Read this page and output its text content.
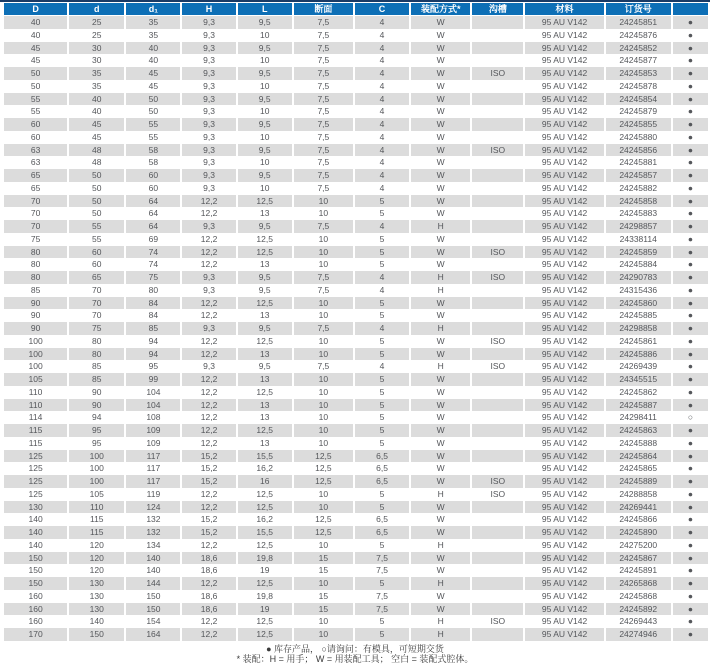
D	d	d₁	H	L	断面	C	装配方式*	沟槽	材料	订货号	
40	25	35	9,3	9,5	7,5	4	W		95 AU V142	24245851	●
40	25	35	9,3	10	7,5	4	W		95 AU V142	24245876	●
45	30	40	9,3	9,5	7,5	4	W		95 AU V142	24245852	●
45	30	40	9,3	10	7,5	4	W		95 AU V142	24245877	●
50	35	45	9,3	9,5	7,5	4	W	ISO	95 AU V142	24245853	●
50	35	45	9,3	10	7,5	4	W		95 AU V142	24245878	●
55	40	50	9,3	9,5	7,5	4	W		95 AU V142	24245854	●
55	40	50	9,3	10	7,5	4	W		95 AU V142	24245879	●
60	45	55	9,3	9,5	7,5	4	W		95 AU V142	24245855	●
60	45	55	9,3	10	7,5	4	W		95 AU V142	24245880	●
63	48	58	9,3	9,5	7,5	4	W	ISO	95 AU V142	24245856	●
63	48	58	9,3	10	7,5	4	W		95 AU V142	24245881	●
65	50	60	9,3	9,5	7,5	4	W		95 AU V142	24245857	●
65	50	60	9,3	10	7,5	4	W		95 AU V142	24245882	●
70	50	64	12,2	12,5	10	5	W		95 AU V142	24245858	●
70	50	64	12,2	13	10	5	W		95 AU V142	24245883	●
70	55	64	9,3	9,5	7,5	4	H		95 AU V142	24298857	●
75	55	69	12,2	12,5	10	5	W		95 AU V142	24338114	●
80	60	74	12,2	12,5	10	5	W	ISO	95 AU V142	24245859	●
80	60	74	12,2	13	10	5	W		95 AU V142	24245884	●
80	65	75	9,3	9,5	7,5	4	H	ISO	95 AU V142	24290783	●
85	70	80	9,3	9,5	7,5	4	H		95 AU V142	24315436	●
90	70	84	12,2	12,5	10	5	W		95 AU V142	24245860	●
90	70	84	12,2	13	10	5	W		95 AU V142	24245885	●
90	75	85	9,3	9,5	7,5	4	H		95 AU V142	24298858	●
100	80	94	12,2	12,5	10	5	W	ISO	95 AU V142	24245861	●
100	80	94	12,2	13	10	5	W		95 AU V142	24245886	●
100	85	95	9,3	9,5	7,5	4	H	ISO	95 AU V142	24269439	●
105	85	99	12,2	13	10	5	W		95 AU V142	24345515	●
110	90	104	12,2	12,5	10	5	W		95 AU V142	24245862	●
110	90	104	12,2	13	10	5	W		95 AU V142	24245887	●
114	94	108	12,2	13	10	5	W		95 AU V142	24298411	○
115	95	109	12,2	12,5	10	5	W		95 AU V142	24245863	●
115	95	109	12,2	13	10	5	W		95 AU V142	24245888	●
125	100	117	15,2	15,5	12,5	6,5	W		95 AU V142	24245864	●
125	100	117	15,2	16,2	12,5	6,5	W		95 AU V142	24245865	●
125	100	117	15,2	16	12,5	6,5	W	ISO	95 AU V142	24245889	●
125	105	119	12,2	12,5	10	5	H	ISO	95 AU V142	24288858	●
130	110	124	12,2	12,5	10	5	W		95 AU V142	24269441	●
140	115	132	15,2	16,2	12,5	6,5	W		95 AU V142	24245866	●
140	115	132	15,2	15,5	12,5	6,5	W		95 AU V142	24245890	●
140	120	134	12,2	12,5	10	5	H		95 AU V142	24275200	●
150	120	140	18,6	19,8	15	7,5	W		95 AU V142	24245867	●
150	120	140	18,6	19	15	7,5	W		95 AU V142	24245891	●
150	130	144	12,2	12,5	10	5	H		95 AU V142	24265868	●
160	130	150	18,6	19,8	15	7,5	W		95 AU V142	24245868	●
160	130	150	18,6	19	15	7,5	W		95 AU V142	24245892	●
160	140	154	12,2	12,5	10	5	H	ISO	95 AU V142	24269443	●
170	150	164	12,2	12,5	10	5	H		95 AU V142	24274946	●
● 库存产品， ○请询问：有模具，可短期交货
* 装配：H = 用手； W = 用装配工具； 空白 = 装配式腔体。
